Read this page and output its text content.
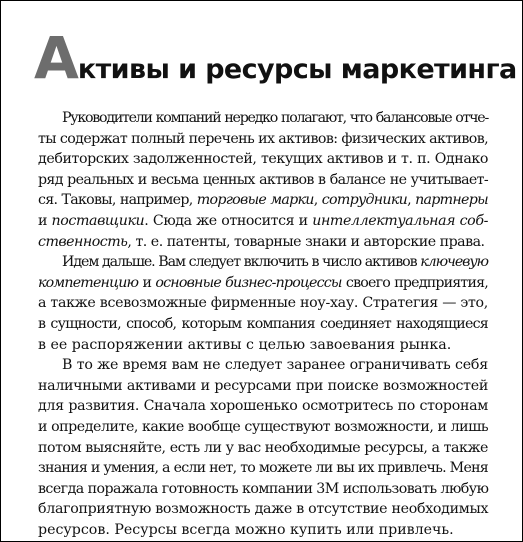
Активы и ресурсы маркетинга
Руководители компаний нередко полагают, что балансовые отче-
ты содержат полный перечень их активов: физических активов,
дебиторских задолженностей, текущих активов и т. п. Однако
ряд реальных и весьма ценных активов в балансе не учитывает-
ся. Таковы, например, торговые марки, сотрудники, партнеры
и поставщики. Сюда же относится и интеллектуальная соб-
ственность, т. е. патенты, товарные знаки и авторские права.
Идем дальше. Вам следует включить в число активов ключевую
компетенцию и основные бизнес-процессы своего предприятия,
а также всевозможные фирменные ноу-хау. Стратегия — это,
в сущности, способ, которым компания соединяет находящиеся
в ее распоряжении активы с целью завоевания рынка.
В то же время вам не следует заранее ограничивать себя
наличными активами и ресурсами при поиске возможностей
для развития. Сначала хорошенько осмотритесь по сторонам
и определите, какие вообще существуют возможности, и лишь
потом выясняйте, есть ли у вас необходимые ресурсы, а также
знания и умения, а если нет, то можете ли вы их привлечь. Меня
всегда поражала готовность компании 3М использовать любую
благоприятную возможность даже в отсутствие необходимых
ресурсов. Ресурсы всегда можно купить или привлечь.
